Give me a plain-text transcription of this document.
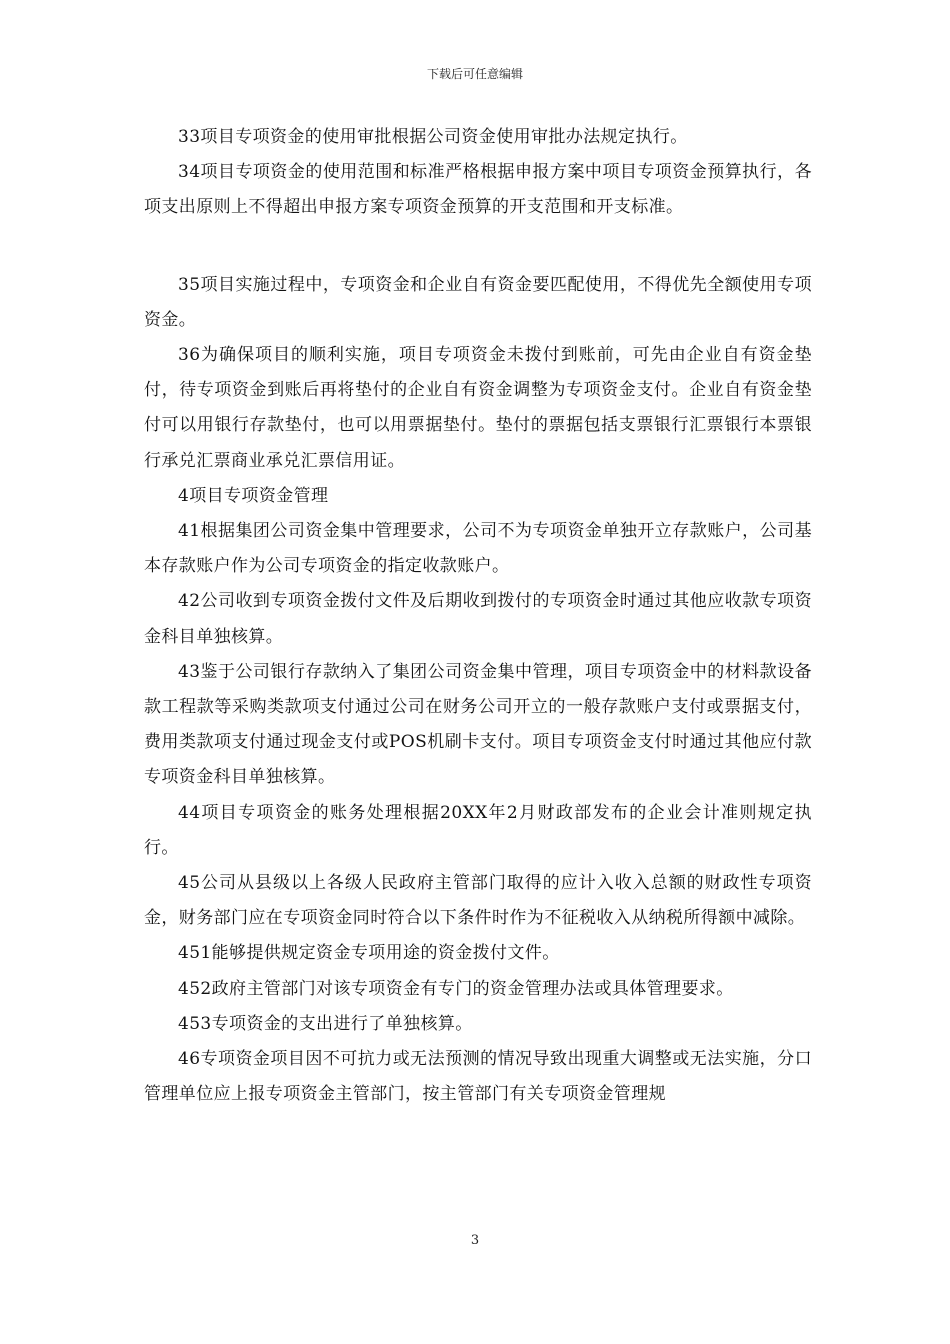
下载后可任意编辑

33项目专项资金的使用审批根据公司资金使用审批办法规定执行。

34项目专项资金的使用范围和标准严格根据申报方案中项目专项资金预算执行，各项支出原则上不得超出申报方案专项资金预算的开支范围和开支标准。

35项目实施过程中，专项资金和企业自有资金要匹配使用，不得优先全额使用专项资金。

36为确保项目的顺利实施，项目专项资金未拨付到账前，可先由企业自有资金垫付，待专项资金到账后再将垫付的企业自有资金调整为专项资金支付。企业自有资金垫付可以用银行存款垫付，也可以用票据垫付。垫付的票据包括支票银行汇票银行本票银行承兑汇票商业承兑汇票信用证。

4项目专项资金管理

41根据集团公司资金集中管理要求，公司不为专项资金单独开立存款账户，公司基本存款账户作为公司专项资金的指定收款账户。

42公司收到专项资金拨付文件及后期收到拨付的专项资金时通过其他应收款专项资金科目单独核算。

43鉴于公司银行存款纳入了集团公司资金集中管理，项目专项资金中的材料款设备款工程款等采购类款项支付通过公司在财务公司开立的一般存款账户支付或票据支付，费用类款项支付通过现金支付或POS机刷卡支付。项目专项资金支付时通过其他应付款专项资金科目单独核算。

44项目专项资金的账务处理根据20XX年2月财政部发布的企业会计准则规定执行。

45公司从县级以上各级人民政府主管部门取得的应计入收入总额的财政性专项资金，财务部门应在专项资金同时符合以下条件时作为不征税收入从纳税所得额中减除。

451能够提供规定资金专项用途的资金拨付文件。

452政府主管部门对该专项资金有专门的资金管理办法或具体管理要求。

453专项资金的支出进行了单独核算。

46专项资金项目因不可抗力或无法预测的情况导致出现重大调整或无法实施，分口管理单位应上报专项资金主管部门，按主管部门有关专项资金管理规

3
